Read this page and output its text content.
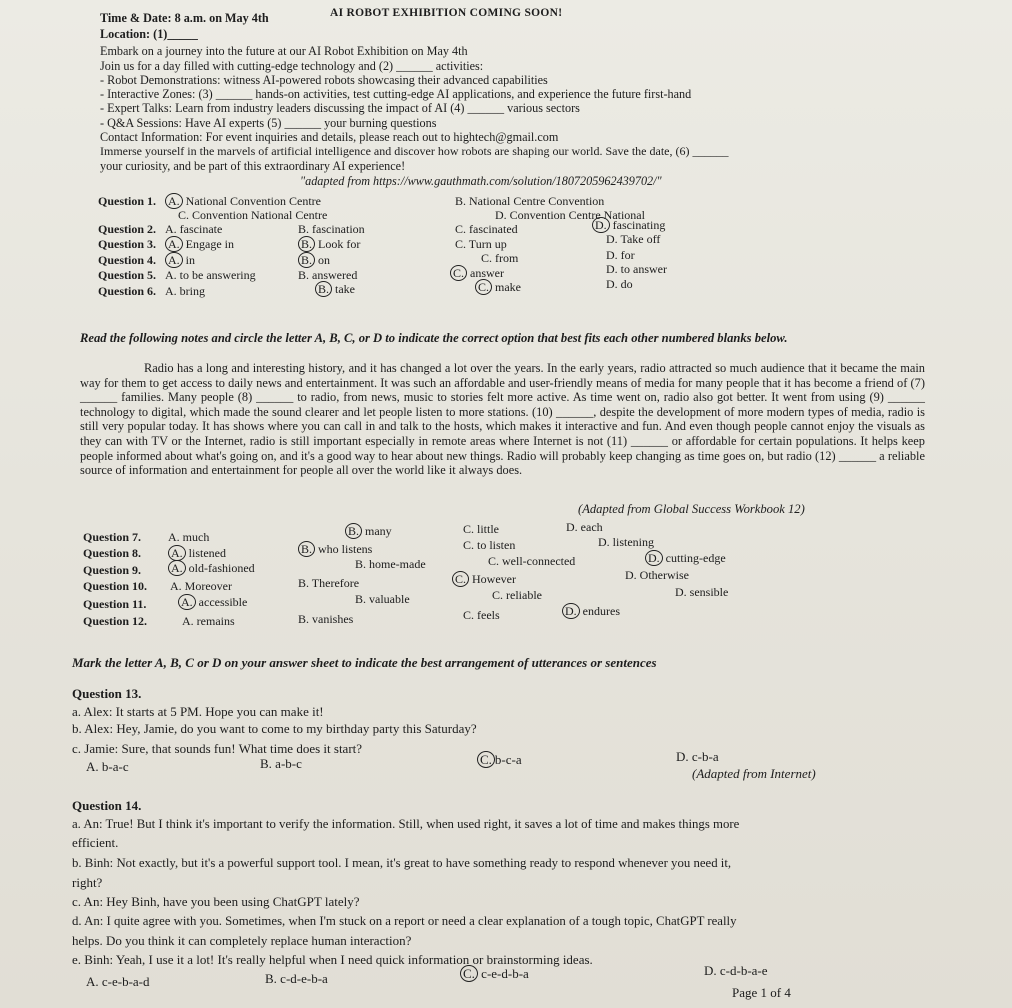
AI ROBOT EXHIBITION COMING SOON!
Time & Date: 8 a.m. on May 4th
Location: (1)_____
Embark on a journey into the future at our AI Robot Exhibition on May 4th
Join us for a day filled with cutting-edge technology and (2) ______ activities:
- Robot Demonstrations: witness AI-powered robots showcasing their advanced capabilities
- Interactive Zones: (3) ______ hands-on activities, test cutting-edge AI applications, and experience the future first-hand
- Expert Talks: Learn from industry leaders discussing the impact of AI (4) ______ various sectors
- Q&A Sessions: Have AI experts (5) ______ your burning questions
Contact Information: For event inquiries and details, please reach out to hightech@gmail.com
Immerse yourself in the marvels of artificial intelligence and discover how robots are shaping our world. Save the date, (6) ______
your curiosity, and be part of this extraordinary AI experience!
"adapted from https://www.gauthmath.com/solution/1807205962439702/"
Question 1. A. National Convention Centre	B. National Centre Convention
C. Convention National Centre	D. Convention Centre National
Question 2. A. fascinate	B. fascination	C. fascinated	D. fascinating
Question 3. A. Engage in	B. Look for	C. Turn up	D. Take off
Question 4. A. in	B. on	C. from	D. for
Question 5. A. to be answering	B. answered	C. answer	D. to answer
Question 6. A. bring	B. take	C. make	D. do
Read the following notes and circle the letter A, B, C, or D to indicate the correct option that best fits each other numbered blanks below.
Radio has a long and interesting history, and it has changed a lot over the years. In the early years, radio attracted so much audience that it became the main way for them to get access to daily news and entertainment. It was such an affordable and user-friendly means of media for many people that it has become a friend of (7) ______ families. Many people (8) ______ to radio, from news, music to stories felt more active. As time went on, radio also got better. It went from using (9) ______ technology to digital, which made the sound clearer and let people listen to more stations. (10) ______, despite the development of more modern types of media, radio is still very popular today. It has shows where you can call in and talk to the hosts, which makes it interactive and fun. And even though people cannot enjoy the visuals as they can with TV or the Internet, radio is still important especially in remote areas where Internet is not (11) ______ or affordable for certain populations. It helps keep people informed about what's going on, and it's a good way to hear about new things. Radio will probably keep changing as time goes on, but radio (12) ______ a reliable source of information and entertainment for people all over the world like it always does.
(Adapted from Global Success Workbook 12)
Question 7. A. much	B. many	C. little	D. each
Question 8. A. listened	B. who listens	C. to listen	D. listening
Question 9. A. old-fashioned	B. home-made	C. well-connected	D. cutting-edge
Question 10. A. Moreover	B. Therefore	C. However	D. Otherwise
Question 11.	A. accessible	B. valuable	C. reliable	D. sensible
Question 12.	A. remains	B. vanishes	C. feels	D. endures
Mark the letter A, B, C or D on your answer sheet to indicate the best arrangement of utterances or sentences
Question 13.
a. Alex: It starts at 5 PM. Hope you can make it!
b. Alex: Hey, Jamie, do you want to come to my birthday party this Saturday?
c. Jamie: Sure, that sounds fun! What time does it start?
A. b-a-c	B. a-b-c	C. b-c-a	D. c-b-a
(Adapted from Internet)
Question 14.
a. An: True! But I think it's important to verify the information. Still, when used right, it saves a lot of time and makes things more
efficient.
b. Binh: Not exactly, but it's a powerful support tool. I mean, it's great to have something ready to respond whenever you need it,
right?
c. An: Hey Binh, have you been using ChatGPT lately?
d. An: I quite agree with you. Sometimes, when I'm stuck on a report or need a clear explanation of a tough topic, ChatGPT really
helps. Do you think it can completely replace human interaction?
e. Binh: Yeah, I use it a lot! It's really helpful when I need quick information or brainstorming ideas.
A. c-e-b-a-d	B. c-d-e-b-a	C. c-e-d-b-a	D. c-d-b-a-e
Page 1 of 4
